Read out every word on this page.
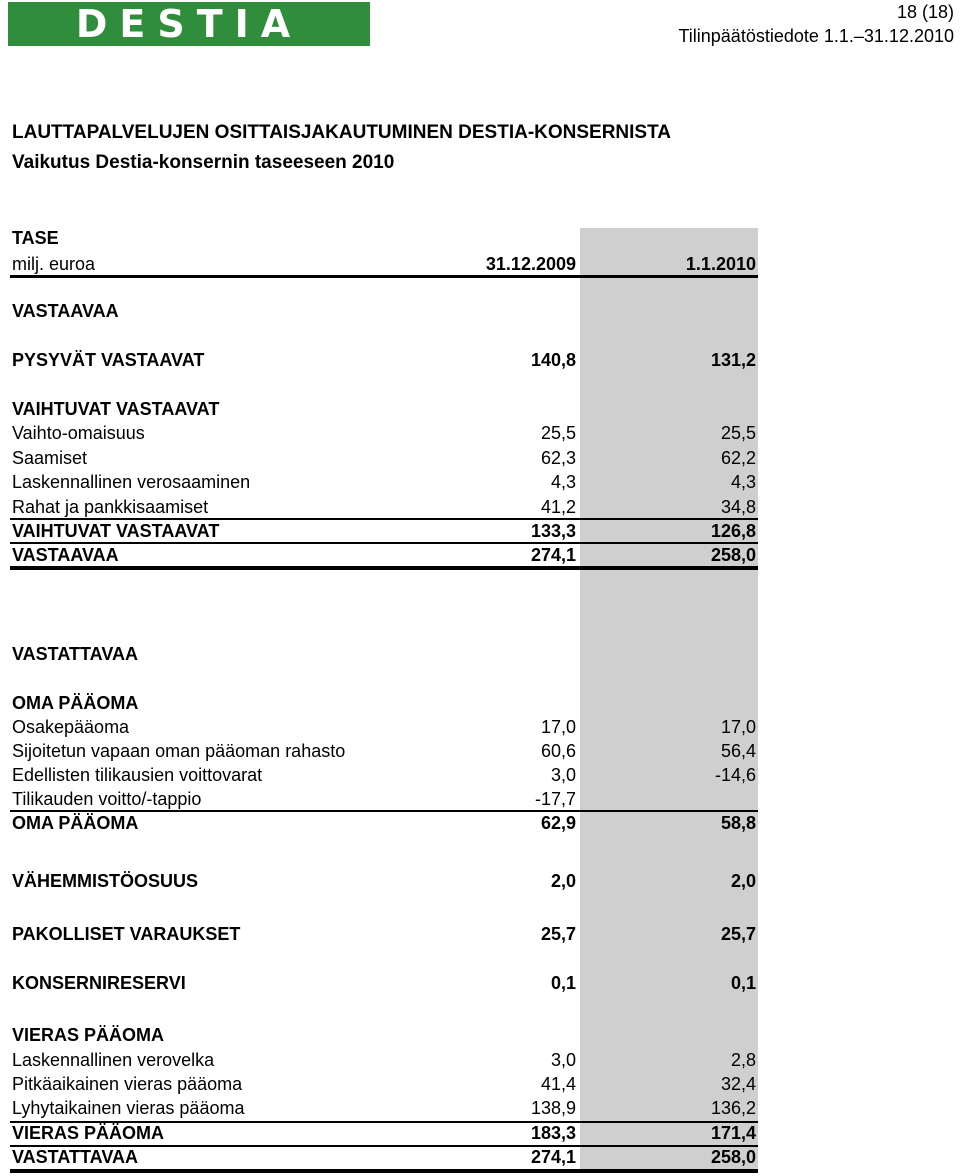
DESTIA	18 (18)
Tilinpäätöstiedote 1.1.–31.12.2010
LAUTTAPALVELUJEN OSITTAISJAKAUTUMINEN DESTIA-KONSERNISTA
Vaikutus Destia-konsernin taseeseen 2010
TASE
milj. euroa	31.12.2009	1.1.2010
VASTAAVAA
PYSYVÄT VASTAAVAT	140,8	131,2
VAIHTUVAT VASTAAVAT
Vaihto-omaisuus	25,5	25,5
Saamiset	62,3	62,2
Laskennallinen verosaaminen	4,3	4,3
Rahat ja pankkisaamiset	41,2	34,8
VAIHTUVAT VASTAAVAT	133,3	126,8
VASTAAVAA	274,1	258,0
VASTATTAVAA
OMA PÄÄOMA
Osakepääoma	17,0	17,0
Sijoitetun vapaan oman pääoman rahasto	60,6	56,4
Edellisten tilikausien voittovarat	3,0	-14,6
Tilikauden voitto/-tappio	-17,7
OMA PÄÄOMA	62,9	58,8
VÄHEMMISTÖOSUUS	2,0	2,0
PAKOLLISET VARAUKSET	25,7	25,7
KONSERNIRESERVI	0,1	0,1
VIERAS PÄÄOMA
Laskennallinen verovelka	3,0	2,8
Pitkäaikainen vieras pääoma	41,4	32,4
Lyhytaikainen vieras pääoma	138,9	136,2
VIERAS PÄÄOMA	183,3	171,4
VASTATTAVAA	274,1	258,0
